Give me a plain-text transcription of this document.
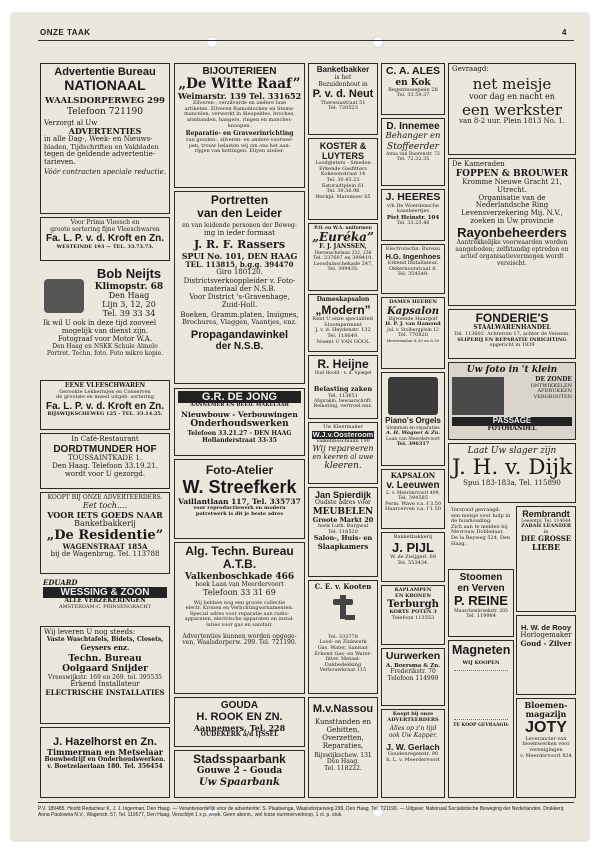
ONZE TAAK	4
Advertentie Bureau
NATIONAAL
WAALSDORPERWEG 299
Telefoon 721190
Verzorgt al Uw
ADVERTENTIES
in alle Dag-, Week- en Nieuws-
bladen, Tijdschriften en Vakbladen
tegen de geldende advertentie-
tarieven.
Vóór contracten speciale reductie.
Voor Prima Vleesch en
groote sortering fijne Vleeschwaren
Fa. L. P. v. d. Kroft en Zn.
WESTEINDE 193 — TEL. 33.73.73.
Bob Neijts
Klimopstr. 68
Den Haag
Lijn 3, 12, 20
Tel. 39 33 34
Ik wil U ook in deze tijd zooveel
mogelijk van dienst zijn.
Fotograaf voor Motor W.A.
Den Haag en NSKK Schule Almelo
Portret. Techn. foto. Foto mikro kopie.
EENE VLEESCHWAREN
Gerookte Lekkernijen en Conserven
de grootste en meest uitgeb. sortering
Fa. L. P. v. d. Kroft en Zn.
RIJSWIJKSCHEWEG 125 - TEL. 33.14.25.
In Café-Restaurant
DORDTMUNDER HOF
TOUSSAINTKADE 1.
Den Haag. Telefoon 33.19.21.
wordt voor U gezorgd.
KOOPT BIJ ONZE ADVERTEERDERS.
Eet toch....
VOOR IETS GOEDS NAAR
Banketbakkerij
„De Residentie”
WAGENSTRAAT 185A
bij de Wagenbrug. Tel. 113788
EDUARD
WESSING & ZOON
ALLE VERZEKERINGEN
AMSTERDAM-C. PRINSENGRACHT
Wij leveren U nog steeds:
Vaste Waschtafels, Bidets, Closets,
Geysers enz.
Techn. Bureau
Oolgaard Snijder
Vreeswijkstr. 169 en 269. tel. 395535
Erkend Installateur
ELECTRISCHE INSTALLATIES
J. Hazelhorst en Zn.
Timmerman en Metselaar
Bouwbedrijf en Onderhoudswerken.
v. Boetzelaerlaan 180. Tel. 356454
BIJOUTERIEEN
„De Witte Raaf”
Weimarstr. 139 Tel. 331652
Zilveren-, verzilverde en andere luxe
artikelen. Zilveren Ramonlocken en Stems-
manceien, verwerkt in dieopeldes, broches,
armbanden, hangers, ringen en manchet-
knoopen.
Reparatie- en Graveerinrichting
van gouden-, zilveren- en andere voorwer-
pen, trouw belasten wij om ons het aan-
rijgen van kettingen. Ellyen atelier.
Portretten
van den Leider
en van leidende personen der Beweg-
ing in ieder formaat
J. R. F. Rassers
SPUI No. 101, DEN HAAG
TEL. 113815, b.g.g. 394470
Giro 180120.
Districtsverkooppleider v. Foto-
materiaal der N.S.B.
Voor District 's-Gravenhage,
Zuid-Holl.
Boeken, Gramm.platen, Insignes,
Brochures, Vlaggen, Vaantjes, enz.
Propagandawinkel
der N.S.B.
G.R. DE JONG
AANNEMER EN BEËD. MAKELAAR
Nieuwbouw - Verbouwingen
Onderhoudswerken
Telefoon 33.21.27 - DEN HAAG
Hollanderstraat 33-35
Foto-Atelier
W. Streefkerk
Vaillantlaan 117, Tel. 335737
voor reproductiewerk en modern
potretwerk is dit je beste adres
Alg. Techn. Bureau
A.T.B.
Valkenboschkade 466
hoek Laan van Meerdervoort
Telefoon 33 31 69
Wij hebben nog een groote collectie
electr. Kronen en Verlichtingsornamenten.
Special adres voor reparatie aan radio-
apparaten, electrische apparaten en instal-
laties voor gas en sanitair.
Advertenties kunnen worden opgege-
ven, Waalsdorperw. 299. Tel. 721190.
GOUDA
H. ROOK EN ZN.
Aannemers, Tel. 228
OUDEKERK a/d IJSSEL
Stadsspaarbank
Gouwe 2 - Gouda
Uw Spaarbank
Banketbakker
is het
Bezuidenhout in
P. v. d. Neut
Theresiastraat 51
Tel. 720523
KOSTER &
LUYTERS
Loodgieters - Smeden
Erkende Gasfitters
Kokesonstraat 14
Tel. 30.43.23
Estoradtplein 61
Tel. 39.56.96
Werkpl. Marsmoer 65
P.O. en W.A. uniformen
„Euréka”
F. J. JANSSEN,
Dierenschelaan 232, 236
Tel. 337607 en 399419.
Loosduinschekade 247,
Tel. 399435.
Dameskapsalon
„Modern”
Kent U onze specialiteit
Stoomperment
J. v. d. Heydenstr. 132
Tel. 118649.
Noemt U VAN GOOL
R. Heijne
Oud Hoofd - v. d. Spiegel
Belasting zaken
Tel. 113651
Afsprakin, bewaarschrift,
Belasting, vertroel.enz.
Uw Kleermaker
W.J.v.Oosteroom
Valkenboschlaan 190
Wij repareeren
en keeren al uwe
kleeren.
Jan Spierdijk
Oudste adres voor
MEUBELEN
Groote Markt 20
hoek Luth. Burgwal
Tel. 116520
Salon-, Huis- en
Slaapkamers
C. E. v. Kooten
Tel. 333778
Lood- en Zinkwerk
Gas, Water, Sanitair
Erkend Gas- en Water-
fitter. Metaal-
Dakbedekking
Verbouwkraat 115
M.v.Nassou
Kunsttanden en
Gebitten,
Overzetten,
Reparaties,
Rijswijkschew. 131
Den Haag.
Tel. 118222.
C. A. ALES
en Kok
Regentessepiein 28
Tel. 33.59.37
D. Innemee
Behanger en
Stoffeerder
Anna van Buerenstr. 72
Tel. 72.32.35
J. HEERES
v/h De Woerdensche
kaasbeertjes
Piet Heinstr. 104
Tel. 33.23.46
Electrotechn. Bureau
H.G. Ingenhoes
Erkend Installateur.
Okkernootstraat 8.
Tel. 354549.
DAMES HEEREN
Kapsalon
Bijvoende Haargolf
H. P. J. van Hamond
Jul. v. Stolbergplein 12
Tel. 770820
Heerensalon 8.30 en 6.30
Piano's Orgels
Stemmen en reparaties
A. H. Wagner & Zn.
Laan van Meerdervoort
Tel. 396317
KAPSALON
v. Leeuwen
L. v. Meerdervoort 499,
Tel. 394585
Perm. Wave v.a. f 3.50
Haarverven v.a. f 1.50
Banketbakkerij
J. PIJL
W. de Zwijgerl. 69
Tel. 553434.
KAPLAMPEN
EN KRONEN
Terburgh
KORTE POTEN 3
Telefoon 113553
Uurwerken
A. Boersma & Zn.
Frederikstr. 70
Telefoon 114999
Koopt bij onze
ADVERTEERDERS
Alles op z'n tijd
ook Uw Kapper.
J. W. Gerlach
Goudenregenstr. 90
h. L. v. Meerdervoort
Gevraagd:
net meisje
voor dag en nacht en
een werkster
van 8-2 uur. Plein 1813 No. 1.
De Kameraden
FOPPEN & BROUWER
Kromme Nieuwe Gracht 21,
Utrecht.
Organisatie van de
Nederlandsche Ring
Levensverzekering Mij. N.V.,
zoeken in Uw provincie
Rayonbeheerders
Aantrekkelijke voorwaarden worden
aangeboden; zelfstandig optreden en
actief organisatievermogen wordt
vereischt.
FONDERIE'S
STAALWARENHANDEL
Tel. 113602. Achterom 17, achter de Vensem.
SLIPERIJ EN REPARATIE INRICHTING
opgericht in 1839
Uw foto in 't klein
DE ZONDE
ONTWIKKELEN
AFDRUKKEN
VERGROOTEN
PASSAGE
FOTOHANDEL
Laat Uw slager zijn
J. H. v. Dijk
Spui 183-183a, Tel. 115890
Terstond gevraagd:
een meisje voor hulp in
de huishouding.
Zich aan te melden bij
Mevrouw Dobbelaar,
De la Reyweg 524, Den
Haag.
Rembrandt
Leeentpl. Tel. 114644
ZARAH LEANDER
in
DIE GROSSE
LIEBE
Stoomen
en Verven
P. REINE
Mauschenbroekstr. 205
Tel. 119984
Magneten
WIJ KOOPEN
TE KOOP GEVRAAGD:
H. W. de Rooy
Horlogemaker
Goud - Zilver
Bloemen-
magazijn
JOTY
Leverancier van
bloemwerken voor
verenigingen
v. Meerdervoort 824
P.V. 189485. Hoofd Redacteur K. J. J. Ingerman, Den Haag. — Verantwoordelijk voor de advertentie: S. Plaatsenga, Waalsdorperweg 299, Den Haag. Tel. 721190. — Uitgave: Nationaal Socialistische Beweging der Nederlanden. Drukkerij: Anna Paulowna N.V., Wagenstr. 57, Tel. 110577, Den Haag. Verschijnt 1 x p. week. Geen abonn., wel losse nummerverkoop, 1 ct. p. stuk.
